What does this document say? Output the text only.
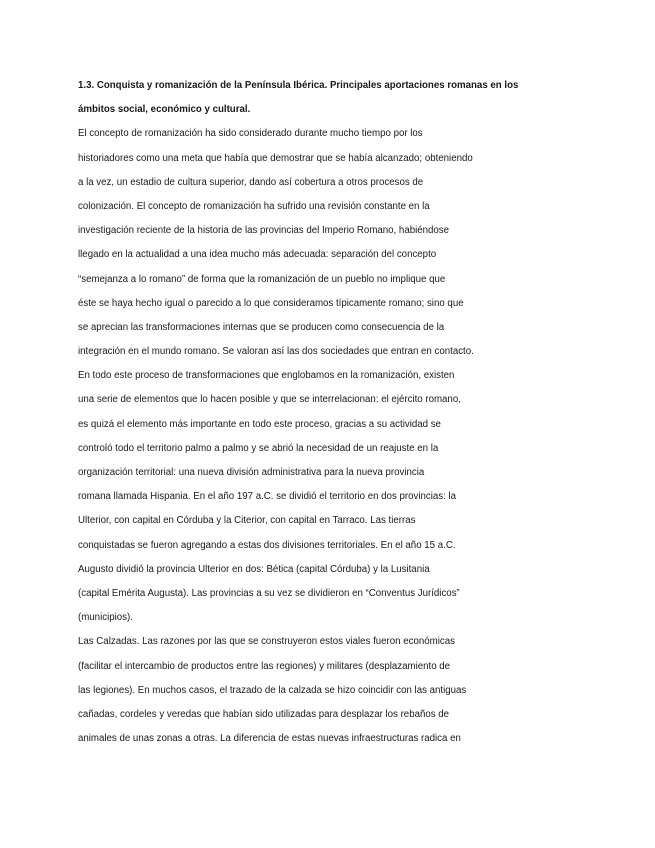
1.3. Conquista y romanización de la Península Ibérica. Principales aportaciones romanas en los
ámbitos social, económico y cultural.
El concepto de romanización ha sido considerado durante mucho tiempo por los
historiadores como una meta que había que demostrar que se había alcanzado; obteniendo
a la vez, un estadio de cultura superior, dando así cobertura a otros procesos de
colonización. El concepto de romanización ha sufrido una revisión constante en la
investigación reciente de la historia de las provincias del Imperio Romano, habiéndose
llegado en la actualidad a una idea mucho más adecuada: separación del concepto
“semejanza a lo romano” de forma que la romanización de un pueblo no implique que
éste se haya hecho igual o parecido a lo que consideramos típicamente romano; sino que
se aprecian las transformaciones internas que se producen como consecuencia de la
integración en el mundo romano. Se valoran así las dos sociedades que entran en contacto.
En todo este proceso de transformaciones que englobamos en la romanización, existen
una serie de elementos que lo hacen posible y que se interrelacionan: el ejército romano,
es quizá el elemento más importante en todo este proceso, gracias a su actividad se
controló todo el territorio palmo a palmo y se abrió la necesidad de un reajuste en la
organización territorial: una nueva división administrativa para la nueva provincia
romana llamada Hispania. En el año 197 a.C. se dividió el territorio en dos provincias: la
Ulterior, con capital en Córduba y la Citerior, con capital en Tarraco. Las tierras
conquistadas se fueron agregando a estas dos divisiones territoriales. En el año 15 a.C.
Augusto dividió la provincia Ulterior en dos: Bética (capital Córduba) y la Lusitania
(capital Emérita Augusta). Las provincias a su vez se dividieron en “Conventus Jurídicos”
(municipios).
Las Calzadas. Las razones por las que se construyeron estos viales fueron económicas
(facilitar el intercambio de productos entre las regiones) y militares (desplazamiento de
las legiones). En muchos casos, el trazado de la calzada se hizo coincidir con las antiguas
cañadas, cordeles y veredas que habían sido utilizadas para desplazar los rebaños de
animales de unas zonas a otras. La diferencia de estas nuevas infraestructuras radica en
